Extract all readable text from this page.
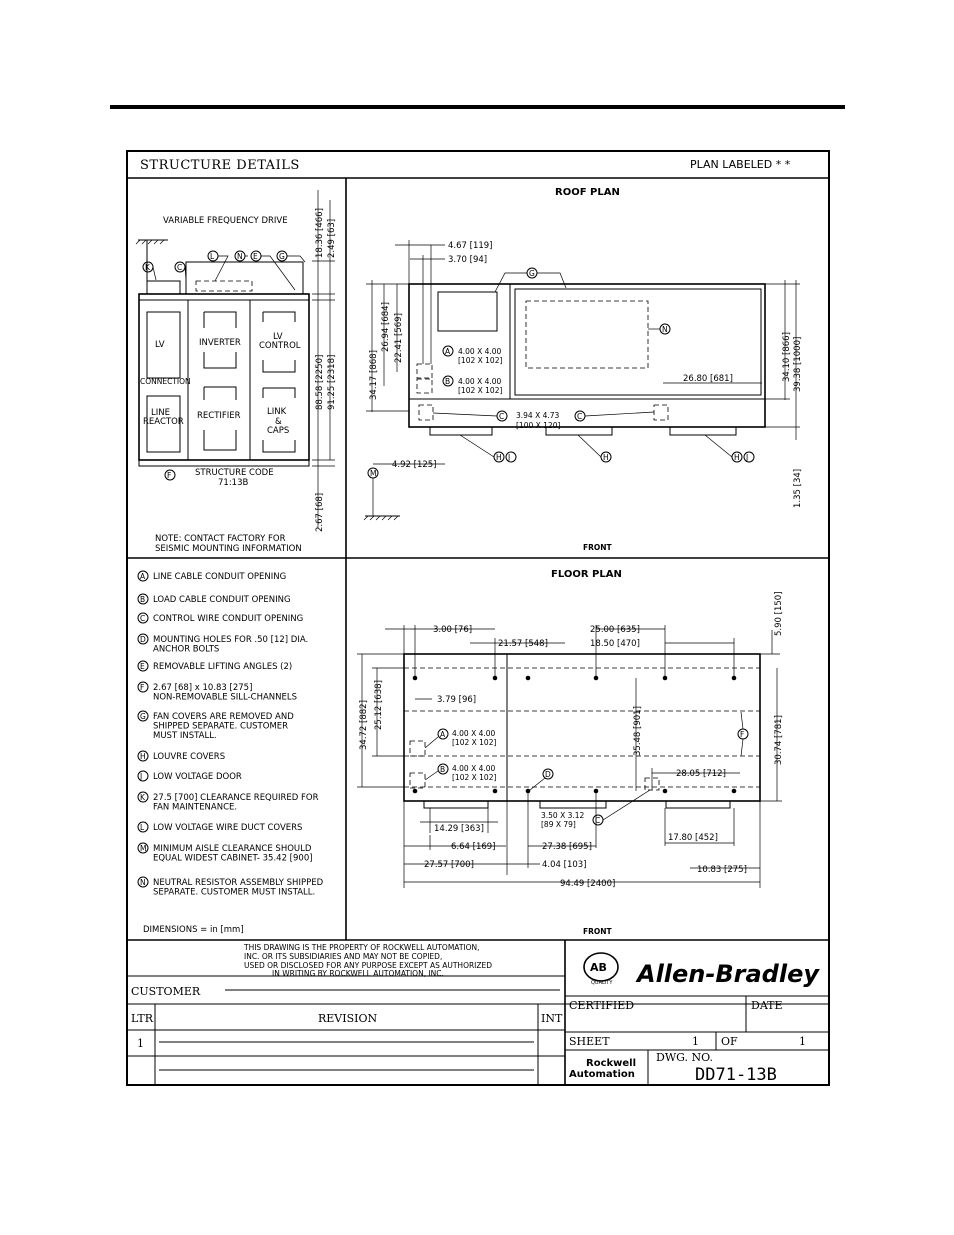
STRUCTURE DETAILS	PLAN LABELED * *
VARIABLE FREQUENCY DRIVE
LV
CONNECTION
LINE
REACTOR
INVERTER
RECTIFIER
LV
CONTROL
LINK
&
CAPS
K	C
L	N E	G
F	STRUCTURE CODE
71:13B
NOTE: CONTACT FACTORY FOR
SEISMIC MOUNTING INFORMATION
18.36 [466] 2.49 [63]
88.58 [2250] 91.25 [2318]
2.67 [68]
ROOF PLAN
FRONT
4.67 [119]
3.70 [94]
34.17 [868]
26.94 [684] 22.41 [569]	A 4.00 X 4.00
[102 X 102]
B 4.00 X 4.00
[102 X 102]
C 3.94 X 4.73
[100 X 120]
C
G
N
26.80 [681]	34.10 [866] 39.38 [1000]
1.35 [34]
H J	H	H J
4.92 [125]
M
A LINE CABLE CONDUIT OPENING
B LOAD CABLE CONDUIT OPENING
C CONTROL WIRE CONDUIT OPENING
D MOUNTING HOLES FOR .50 [12] DIA.
ANCHOR BOLTS
E REMOVABLE LIFTING ANGLES (2)
F 2.67 [68] x 10.83 [275]
NON-REMOVABLE SILL-CHANNELS
G FAN COVERS ARE REMOVED AND
SHIPPED SEPARATE. CUSTOMER
MUST INSTALL.
H LOUVRE COVERS
J LOW VOLTAGE DOOR
K 27.5 [700] CLEARANCE REQUIRED FOR
FAN MAINTENANCE.
L LOW VOLTAGE WIRE DUCT COVERS
M MINIMUM AISLE CLEARANCE SHOULD
EQUAL WIDEST CABINET- 35.42 [900]
N NEUTRAL RESISTOR ASSEMBLY SHIPPED
SEPARATE. CUSTOMER MUST INSTALL.
DIMENSIONS = in [mm]
FLOOR PLAN
FRONT
3.00 [76]
21.57 [548]
25.00 [635]
18.50 [470]
5.90 [150]
34.72 [882] 25.12 [638]	3.79 [96]
35.48 [901]
A 4.00 X 4.00
[102 X 102]
B 4.00 X 4.00
[102 X 102]	D
F	30.74 [781]
28.05 [712]
14.29 [363]
3.50 X 3.12
[89 X 79]	C
17.80 [452]
6.64 [169]	27.38 [695]
27.57 [700]	4.04 [103]	10.83 [275]
94.49 [2400]
THIS DRAWING IS THE PROPERTY OF ROCKWELL AUTOMATION,
INC. OR ITS SUBSIDIARIES AND MAY NOT BE COPIED,
USED OR DISCLOSED FOR ANY PURPOSE EXCEPT AS AUTHORIZED
IN WRITING BY ROCKWELL AUTOMATION, INC.
CUSTOMER
LTR	REVISION	INT
1
AB
QUALITY Allen-Bradley
CERTIFIED	DATE
SHEET	1 OF	1
Rockwell
Automation
DWG. NO.
DD71-13B
